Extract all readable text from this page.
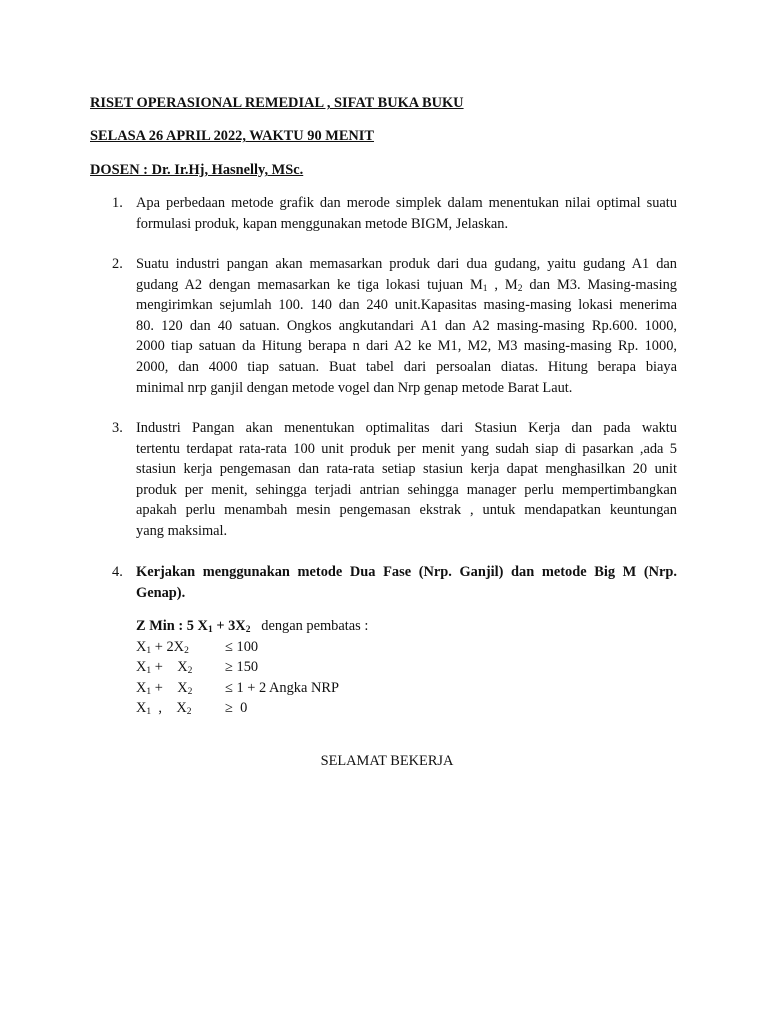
RISET OPERASIONAL REMEDIAL , SIFAT BUKA BUKU
SELASA 26 APRIL 2022, WAKTU 90 MENIT
DOSEN : Dr. Ir.Hj, Hasnelly, MSc.
1. Apa perbedaan metode grafik dan merode simplek dalam menentukan nilai optimal suatu
formulasi produk, kapan menggunakan metode BIGM, Jelaskan.
2. Suatu industri pangan akan memasarkan produk dari dua gudang, yaitu gudang A1 dan
gudang A2 dengan memasarkan ke tiga lokasi tujuan $M_1$ , $M_2$ dan M3. Masing-masing
mengirimkan sejumlah 100. 140 dan 240 unit.Kapasitas masing-masing lokasi menerima
80. 120 dan 40 satuan. Ongkos angkutandari A1 dan A2 masing-masing Rp.600. 1000,
2000 tiap satuan da Hitung berapa n dari A2 ke M1, M2, M3 masing-masing Rp. 1000,
2000, dan 4000 tiap satuan. Buat tabel dari persoalan diatas. Hitung berapa biaya
minimal nrp ganjil dengan metode vogel dan Nrp genap metode Barat Laut.
3. Industri Pangan akan menentukan optimalitas dari Stasiun Kerja dan pada waktu
tertentu terdapat rata-rata 100 unit produk per menit yang sudah siap di pasarkan ,ada 5
stasiun kerja pengemasan dan rata-rata setiap stasiun kerja dapat menghasilkan 20 unit
produk per menit, sehingga terjadi antrian sehingga manager perlu mempertimbangkan
apakah perlu menambah mesin pengemasan ekstrak , untuk mendapatkan keuntungan
yang maksimal.
4. Kerjakan menggunakan metode Dua Fase (Nrp. Ganjil) dan metode Big M (Nrp.
Genap).
Z Min : 5 $X_1 + 3X_2$   dengan pembatas :
$X_1 + 2X_2$	≤ 100
$X_1$ +    $X_2 \ge 150$
$X_1$ +    $X_2 \le 1 + 2$ Angka NRP
$X_1$  ,    $X_2 \ge 0$
SELAMAT BEKERJA
